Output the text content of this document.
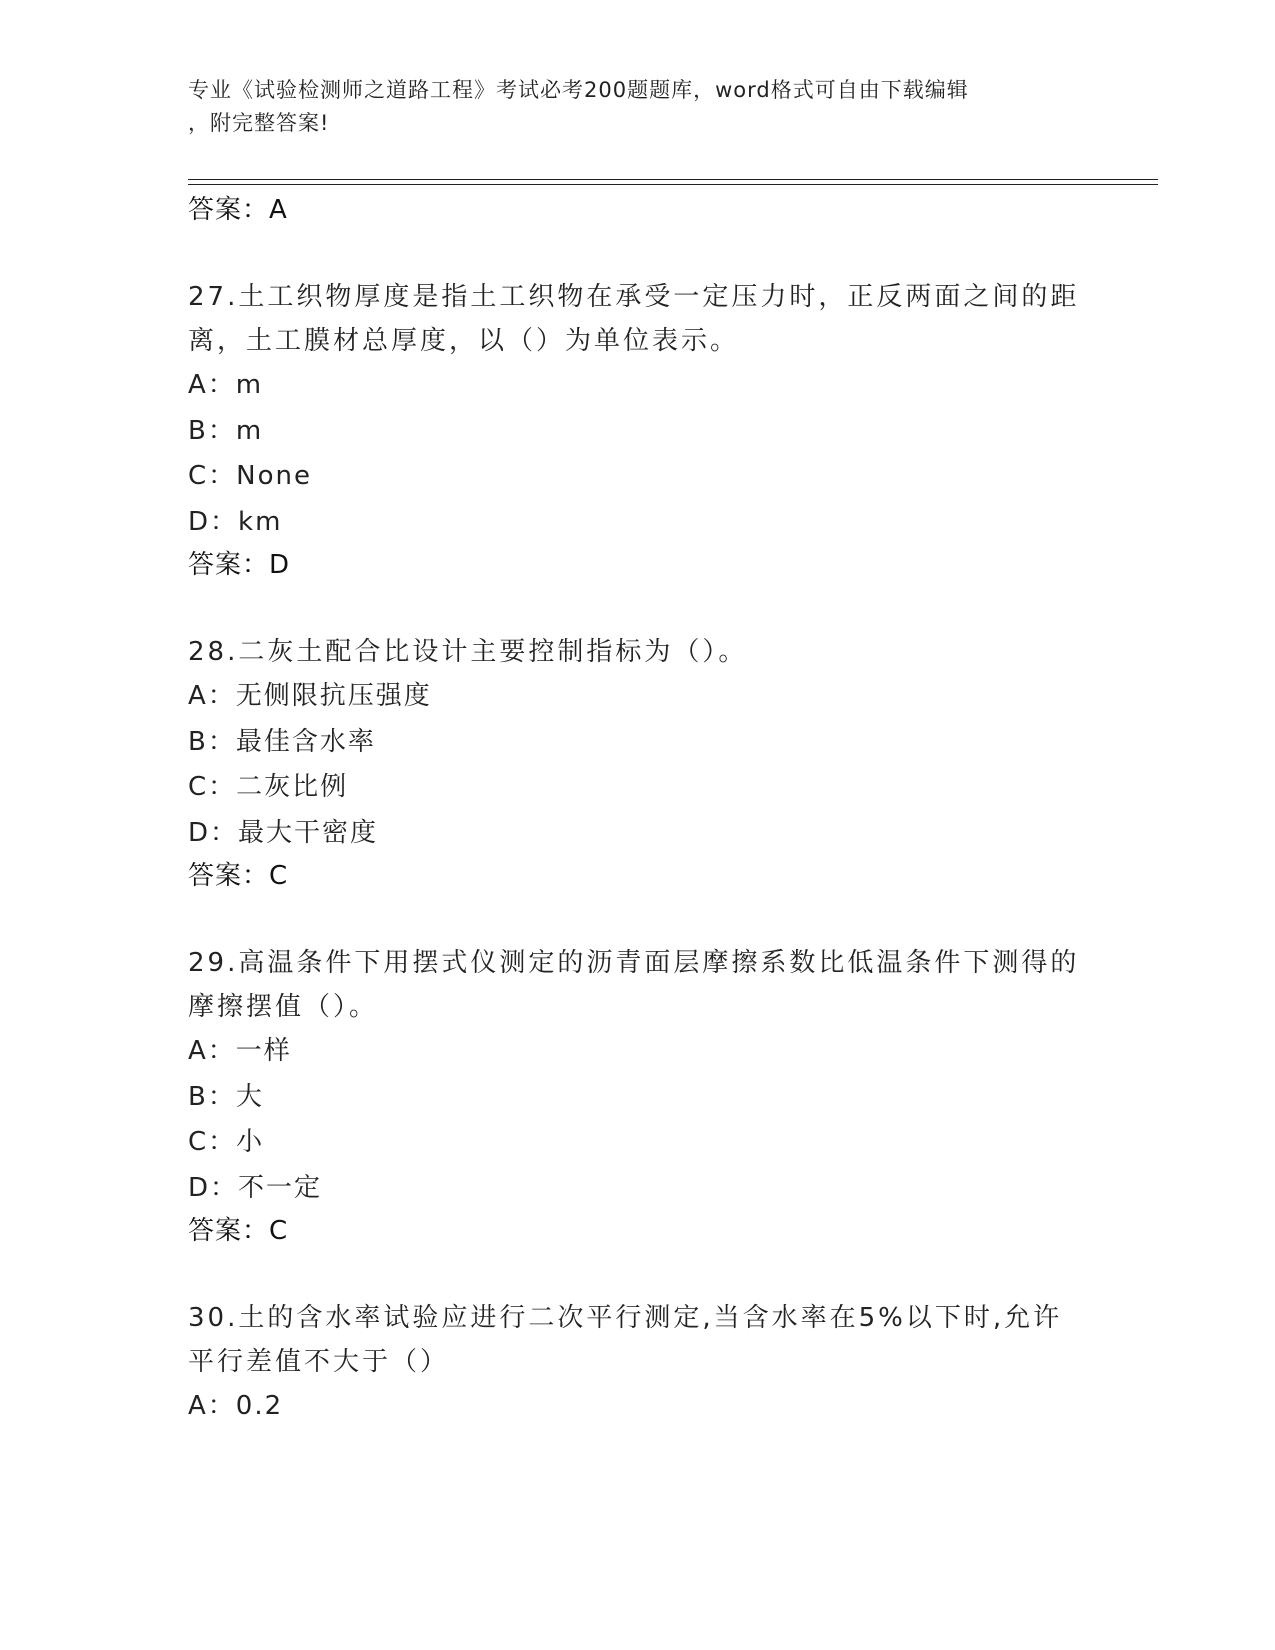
专业《试验检测师之道路工程》考试必考200题题库，word格式可自由下载编辑
，附完整答案!
答案：A
27.土工织物厚度是指土工织物在承受一定压力时，正反两面之间的距离，土工膜材总厚度，以（）为单位表示。
A：m
B：m
C：None
D：km
答案：D
28.二灰土配合比设计主要控制指标为（）。
A：无侧限抗压强度
B：最佳含水率
C：二灰比例
D：最大干密度
答案：C
29.高温条件下用摆式仪测定的沥青面层摩擦系数比低温条件下测得的摩擦摆值（）。
A：一样
B：大
C：小
D：不一定
答案：C
30.土的含水率试验应进行二次平行测定,当含水率在5%以下时,允许平行差值不大于（）
A：0.2
